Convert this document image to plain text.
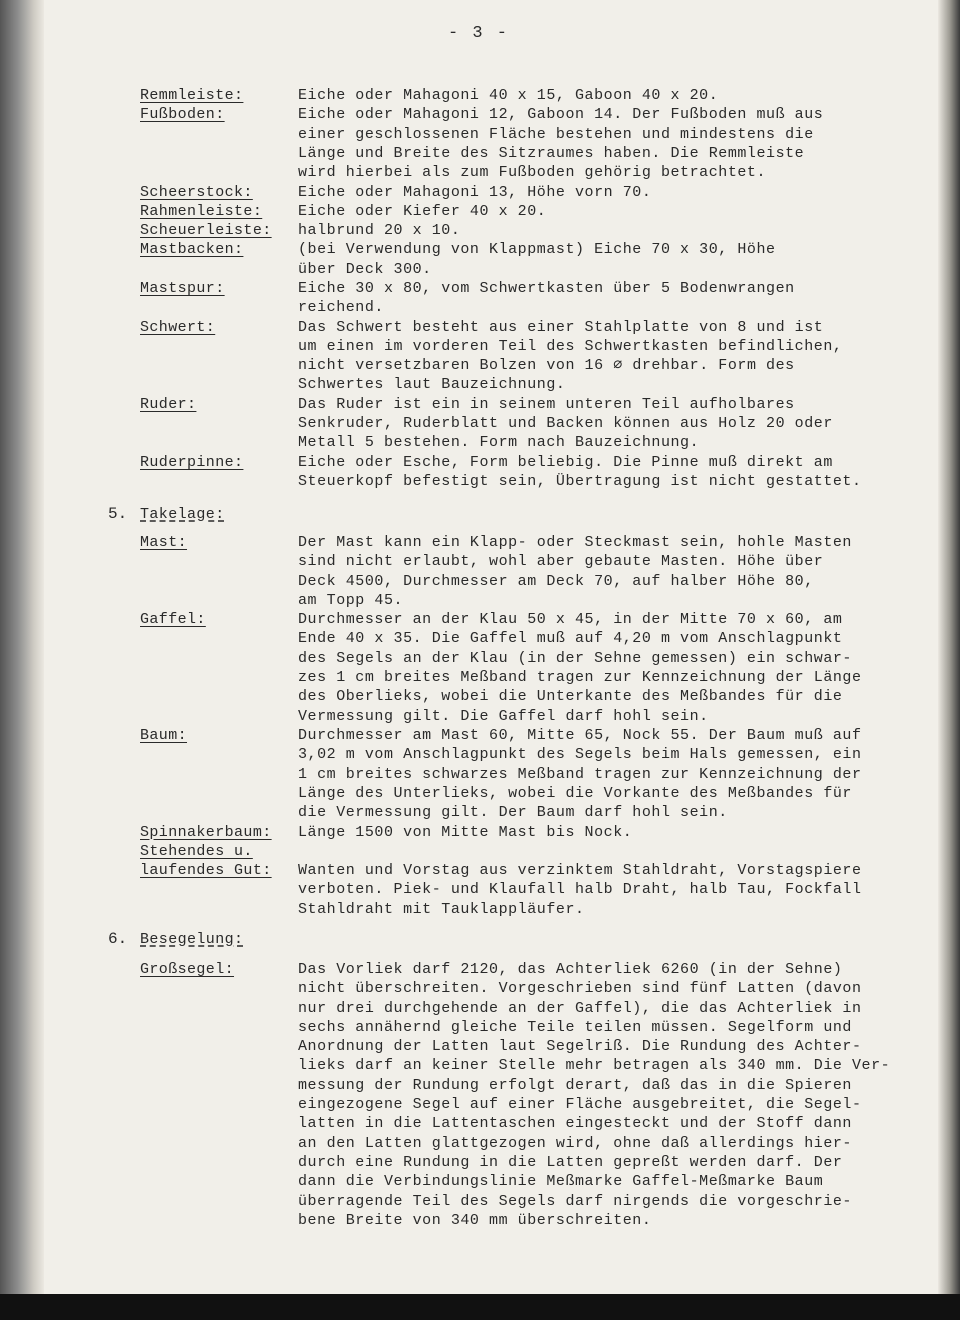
- 3 -
Remmleiste:	Eiche oder Mahagoni 40 x 15, Gaboon 40 x 20.
Fußboden:	Eiche oder Mahagoni 12, Gaboon 14. Der Fußboden muß aus
einer geschlossenen Fläche bestehen und mindestens die
Länge und Breite des Sitzraumes haben. Die Remmleiste
wird hierbei als zum Fußboden gehörig betrachtet.
Scheerstock:	Eiche oder Mahagoni 13, Höhe vorn 70.
Rahmenleiste:	Eiche oder Kiefer 40 x 20.
Scheuerleiste:	halbrund 20 x 10.
Mastbacken:	(bei Verwendung von Klappmast) Eiche 70 x 30, Höhe
über Deck 300.
Mastspur:	Eiche 30 x 80, vom Schwertkasten über 5 Bodenwrangen
reichend.
Schwert:	Das Schwert besteht aus einer Stahlplatte von 8 und ist
um einen im vorderen Teil des Schwertkasten befindlichen,
nicht versetzbaren Bolzen von 16 ∅ drehbar. Form des
Schwertes laut Bauzeichnung.
Ruder:	Das Ruder ist ein in seinem unteren Teil aufholbares
Senkruder, Ruderblatt und Backen können aus Holz 20 oder
Metall 5 bestehen. Form nach Bauzeichnung.
Ruderpinne:	Eiche oder Esche, Form beliebig. Die Pinne muß direkt am
Steuerkopf befestigt sein, Übertragung ist nicht gestattet.
5. Takelage:
Mast:	Der Mast kann ein Klapp- oder Steckmast sein, hohle Masten
sind nicht erlaubt, wohl aber gebaute Masten. Höhe über
Deck 4500, Durchmesser am Deck 70, auf halber Höhe 80,
am Topp 45.
Gaffel:	Durchmesser an der Klau 50 x 45, in der Mitte 70 x 60, am
Ende 40 x 35. Die Gaffel muß auf 4,20 m vom Anschlagpunkt
des Segels an der Klau (in der Sehne gemessen) ein schwar-
zes 1 cm breites Meßband tragen zur Kennzeichnung der Länge
des Oberlieks, wobei die Unterkante des Meßbandes für die
Vermessung gilt. Die Gaffel darf hohl sein.
Baum:	Durchmesser am Mast 60, Mitte 65, Nock 55. Der Baum muß auf
3,02 m vom Anschlagpunkt des Segels beim Hals gemessen, ein
1 cm breites schwarzes Meßband tragen zur Kennzeichnung der
Länge des Unterlieks, wobei die Vorkante des Meßbandes für
die Vermessung gilt. Der Baum darf hohl sein.
Spinnakerbaum:	Länge 1500 von Mitte Mast bis Nock.
Stehendes u.
laufendes Gut:
	Wanten und Vorstag aus verzinktem Stahldraht, Vorstagspiere
verboten. Piek- und Klaufall halb Draht, halb Tau, Fockfall
Stahldraht mit Tauklappläufer.
6. Besegelung:
Großsegel:	Das Vorliek darf 2120, das Achterliek 6260 (in der Sehne)
nicht überschreiten. Vorgeschrieben sind fünf Latten (davon
nur drei durchgehende an der Gaffel), die das Achterliek in
sechs annähernd gleiche Teile teilen müssen. Segelform und
Anordnung der Latten laut Segelriß. Die Rundung des Achter-
lieks darf an keiner Stelle mehr betragen als 340 mm. Die Ver-
messung der Rundung erfolgt derart, daß das in die Spieren
eingezogene Segel auf einer Fläche ausgebreitet, die Segel-
latten in die Lattentaschen eingesteckt und der Stoff dann
an den Latten glattgezogen wird, ohne daß allerdings hier-
durch eine Rundung in die Latten gepreßt werden darf. Der
dann die Verbindungslinie Meßmarke Gaffel-Meßmarke Baum
überragende Teil des Segels darf nirgends die vorgeschrie-
bene Breite von 340 mm überschreiten.
